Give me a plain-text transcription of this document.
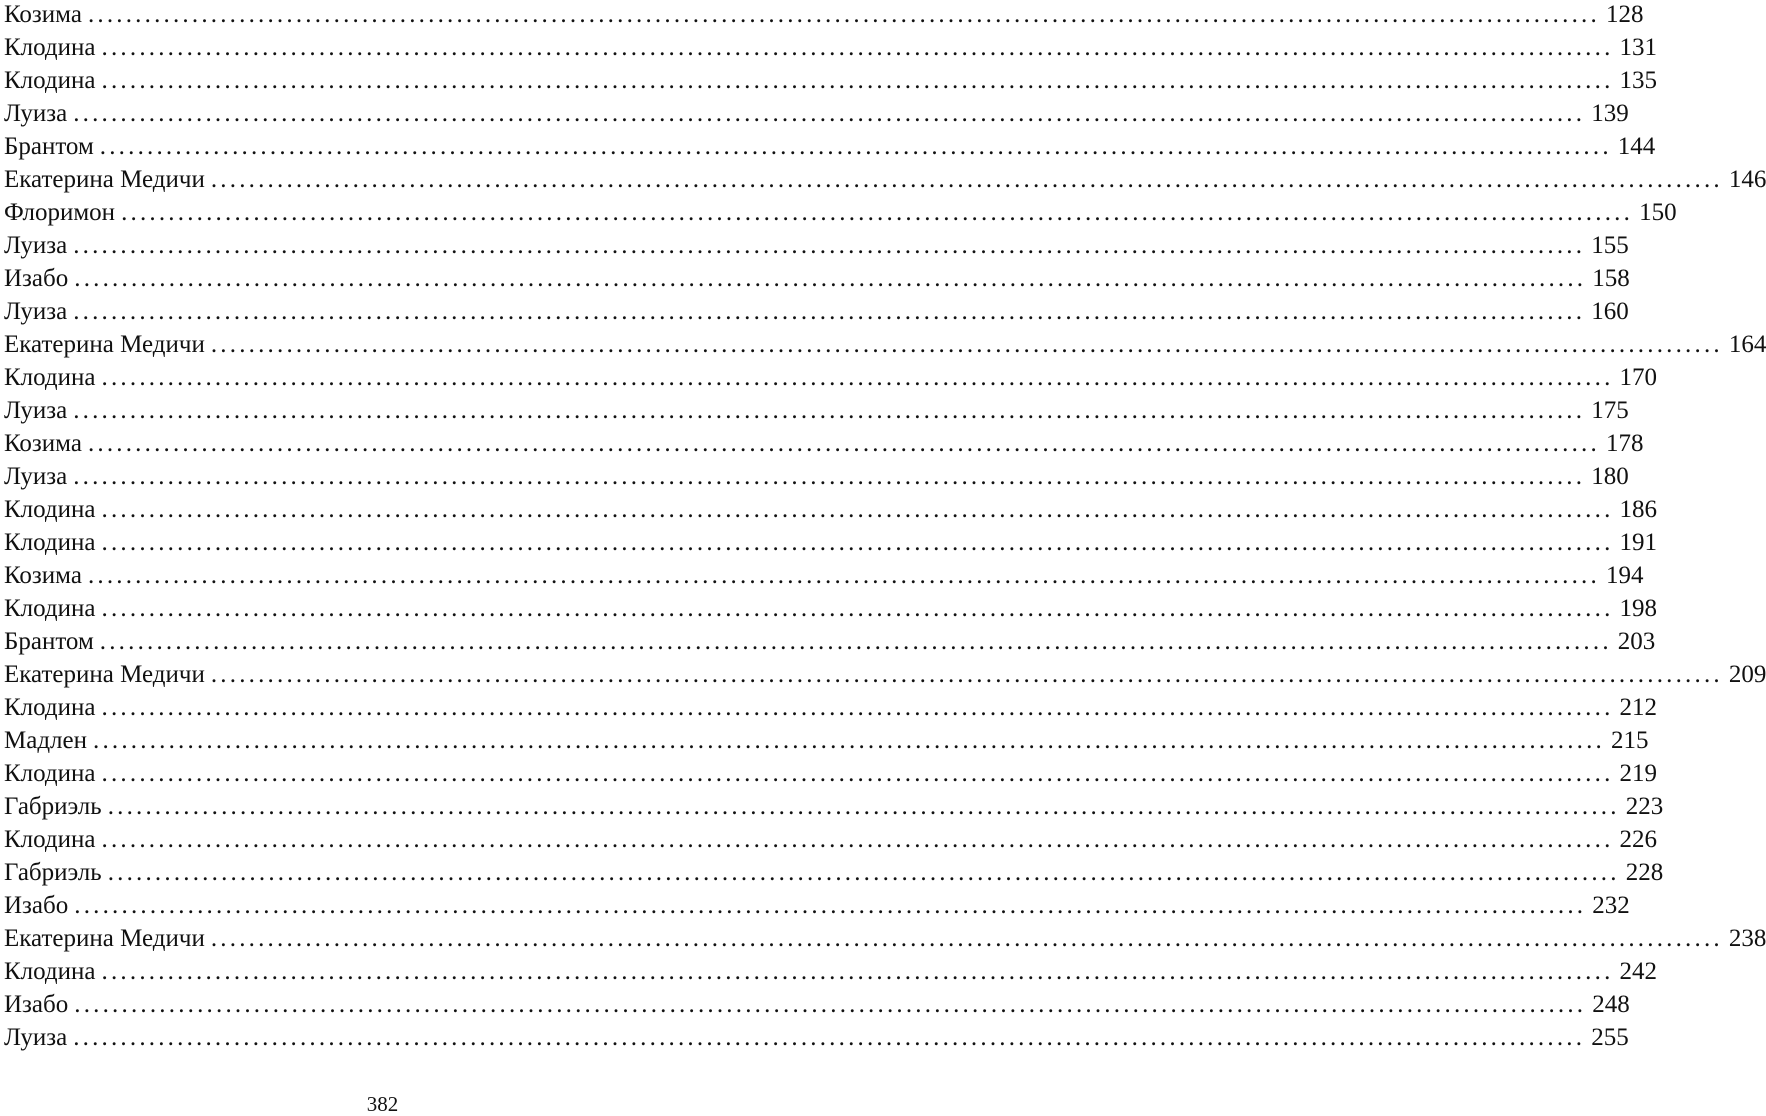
Козима ................................................................................................................................................................ 128
Клодина ................................................................................................................................................................ 131
Клодина ................................................................................................................................................................ 135
Луиза ................................................................................................................................................................ 139
Брантом ................................................................................................................................................................ 144
Екатерина Медичи ................................................................................................................................................................ 146
Флоримон ................................................................................................................................................................ 150
Луиза ................................................................................................................................................................ 155
Изабо ................................................................................................................................................................ 158
Луиза ................................................................................................................................................................ 160
Екатерина Медичи ................................................................................................................................................................ 164
Клодина ................................................................................................................................................................ 170
Луиза ................................................................................................................................................................ 175
Козима ................................................................................................................................................................ 178
Луиза ................................................................................................................................................................ 180
Клодина ................................................................................................................................................................ 186
Клодина ................................................................................................................................................................ 191
Козима ................................................................................................................................................................ 194
Клодина ................................................................................................................................................................ 198
Брантом ................................................................................................................................................................ 203
Екатерина Медичи ................................................................................................................................................................ 209
Клодина ................................................................................................................................................................ 212
Мадлен ................................................................................................................................................................ 215
Клодина ................................................................................................................................................................ 219
Габриэль ................................................................................................................................................................ 223
Клодина ................................................................................................................................................................ 226
Габриэль ................................................................................................................................................................ 228
Изабо ................................................................................................................................................................ 232
Екатерина Медичи ................................................................................................................................................................ 238
Клодина ................................................................................................................................................................ 242
Изабо ................................................................................................................................................................ 248
Луиза ................................................................................................................................................................ 255
382
